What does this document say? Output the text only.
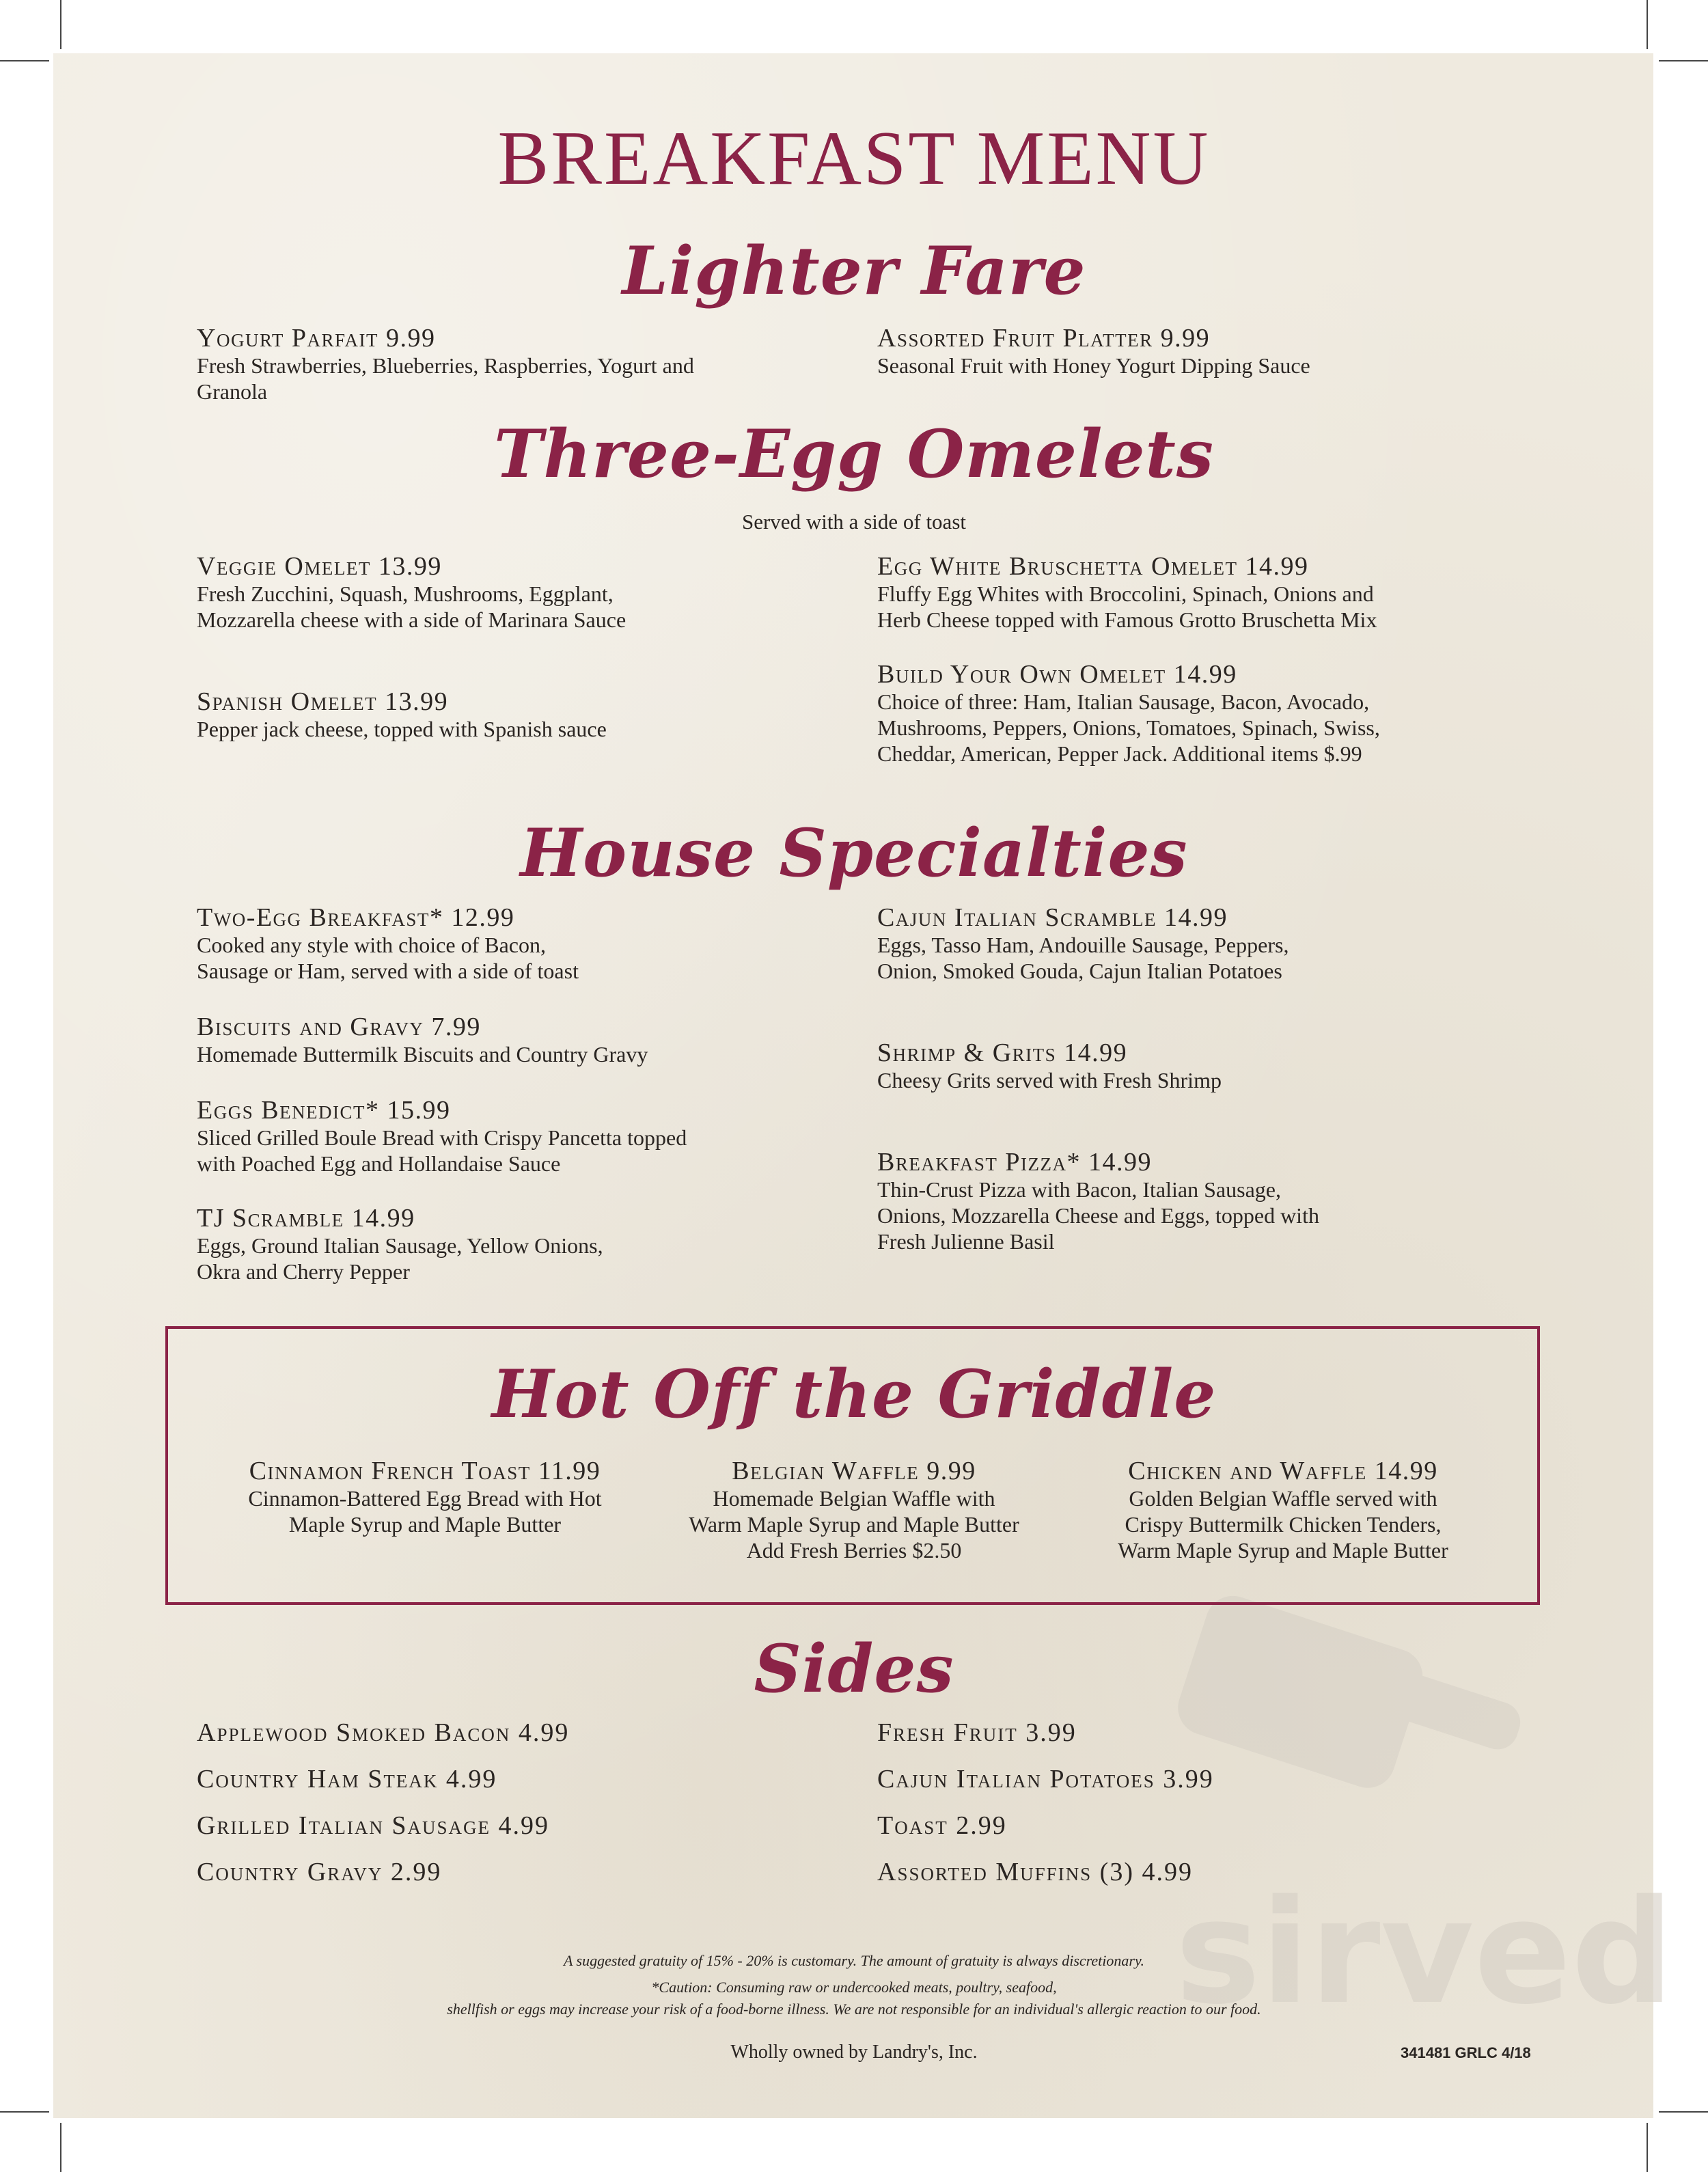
sirved
BREAKFAST MENU
Lighter Fare
Yogurt Parfait 9.99
Fresh Strawberries, Blueberries, Raspberries, Yogurt and
Granola
Assorted Fruit Platter 9.99
Seasonal Fruit with Honey Yogurt Dipping Sauce
Three-Egg Omelets
Served with a side of toast
Veggie Omelet 13.99
Fresh Zucchini, Squash, Mushrooms, Eggplant,
Mozzarella cheese with a side of Marinara Sauce
Egg White Bruschetta Omelet 14.99
Fluffy Egg Whites with Broccolini, Spinach, Onions and
Herb Cheese topped with Famous Grotto Bruschetta Mix
Spanish Omelet 13.99
Pepper jack cheese, topped with Spanish sauce
Build Your Own Omelet 14.99
Choice of three: Ham, Italian Sausage, Bacon, Avocado,
Mushrooms, Peppers, Onions, Tomatoes, Spinach, Swiss,
Cheddar, American, Pepper Jack. Additional items $.99
House Specialties
Two-Egg Breakfast* 12.99
Cooked any style with choice of Bacon,
Sausage or Ham, served with a side of toast
Cajun Italian Scramble 14.99
Eggs, Tasso Ham, Andouille Sausage, Peppers,
Onion, Smoked Gouda, Cajun Italian Potatoes
Biscuits and Gravy 7.99
Homemade Buttermilk Biscuits and Country Gravy	Shrimp & Grits 14.99
Cheesy Grits served with Fresh Shrimp
Eggs Benedict* 15.99
Sliced Grilled Boule Bread with Crispy Pancetta topped
with Poached Egg and Hollandaise Sauce	Breakfast Pizza* 14.99
Thin-Crust Pizza with Bacon, Italian Sausage,
Onions, Mozzarella Cheese and Eggs, topped with
Fresh Julienne Basil
TJ Scramble 14.99
Eggs, Ground Italian Sausage, Yellow Onions,
Okra and Cherry Pepper
Hot Off the Griddle
Cinnamon French Toast 11.99
Cinnamon-Battered Egg Bread with Hot
Maple Syrup and Maple Butter
Belgian Waffle 9.99
Homemade Belgian Waffle with
Warm Maple Syrup and Maple Butter
Add Fresh Berries $2.50
Chicken and Waffle 14.99
Golden Belgian Waffle served with
Crispy Buttermilk Chicken Tenders,
Warm Maple Syrup and Maple Butter
Sides
Applewood Smoked Bacon 4.99	Fresh Fruit 3.99
Country Ham Steak 4.99	Cajun Italian Potatoes 3.99
Grilled Italian Sausage 4.99	Toast 2.99
Country Gravy 2.99	Assorted Muffins (3) 4.99
A suggested gratuity of 15% - 20% is customary. The amount of gratuity is always discretionary.
*Caution: Consuming raw or undercooked meats, poultry, seafood,
shellfish or eggs may increase your risk of a food-borne illness. We are not responsible for an individual's allergic reaction to our food.
Wholly owned by Landry's, Inc.	341481 GRLC 4/18
